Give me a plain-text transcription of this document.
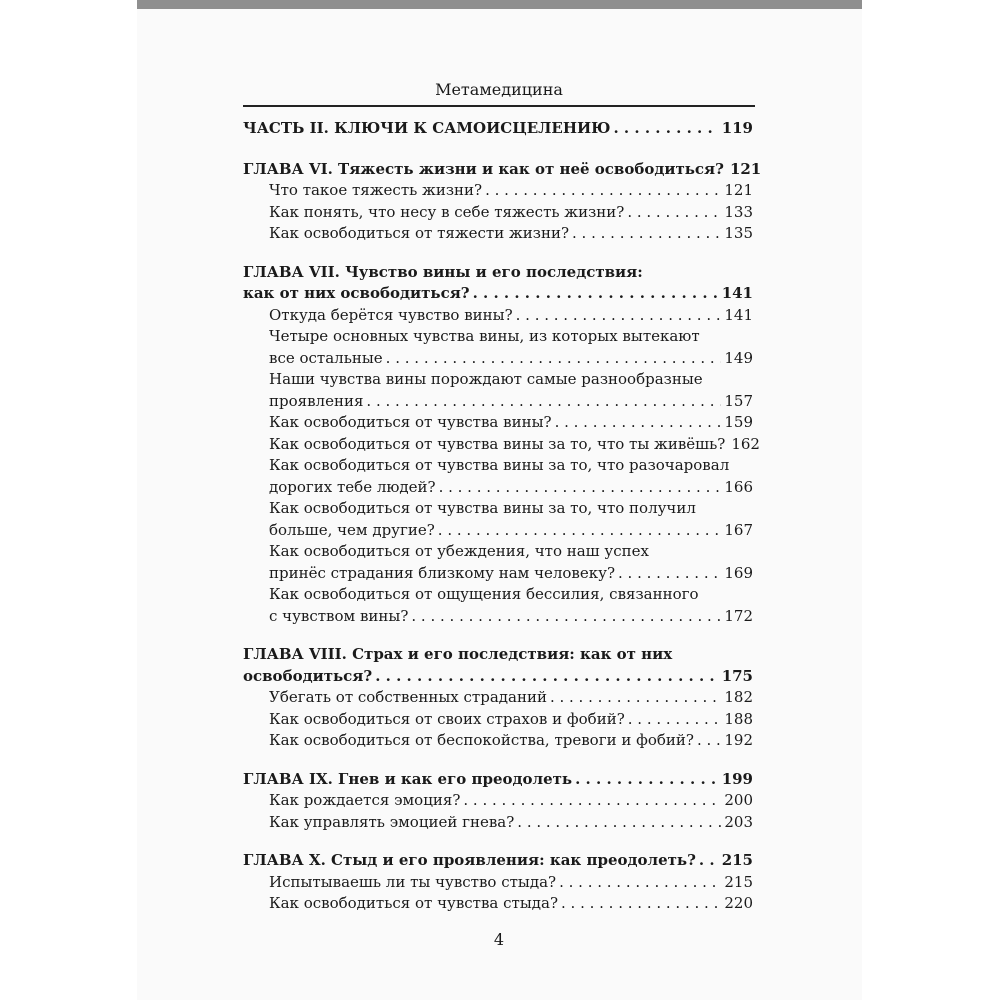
Метамедицина
ЧАСТЬ II. КЛЮЧИ К САМОИСЦЕЛЕНИЮ . . .	119
ГЛАВА VI. Тяжесть жизни и как от неё освободиться? 121
Что такое тяжесть жизни? . . .	121
Как понять, что несу в себе тяжесть жизни? . . .	133
Как освободиться от тяжести жизни? . . .	135
ГЛАВА VII. Чувство вины и его последствия:
как от них освободиться? . . .	141
Откуда берётся чувство вины? . . .	141
Четыре основных чувства вины, из которых вытекают
все остальные . . .	149
Наши чувства вины порождают самые разнообразные
проявления . . .	157
Как освободиться от чувства вины? . . .	159
Как освободиться от чувства вины за то, что ты живёшь? 162
Как освободиться от чувства вины за то, что разочаровал
дорогих тебе людей? . . .	166
Как освободиться от чувства вины за то, что получил
больше, чем другие? . . .	167
Как освободиться от убеждения, что наш успех
принёс страдания близкому нам человеку? . . .	169
Как освободиться от ощущения бессилия, связанного
с чувством вины? . . .	172
ГЛАВА VIII. Страх и его последствия: как от них
освободиться? . . .	175
Убегать от собственных страданий . . .	182
Как освободиться от своих страхов и фобий? . . .	188
Как освободиться от беспокойства, тревоги и фобий? . . . 192
ГЛАВА IX. Гнев и как его преодолеть . . .	199
Как рождается эмоция? . . .	200
Как управлять эмоцией гнева? . . .	203
ГЛАВА X. Стыд и его проявления: как преодолеть? . . . 215
Испытываешь ли ты чувство стыда? . . .	215
Как освободиться от чувства стыда? . . .	220
4
